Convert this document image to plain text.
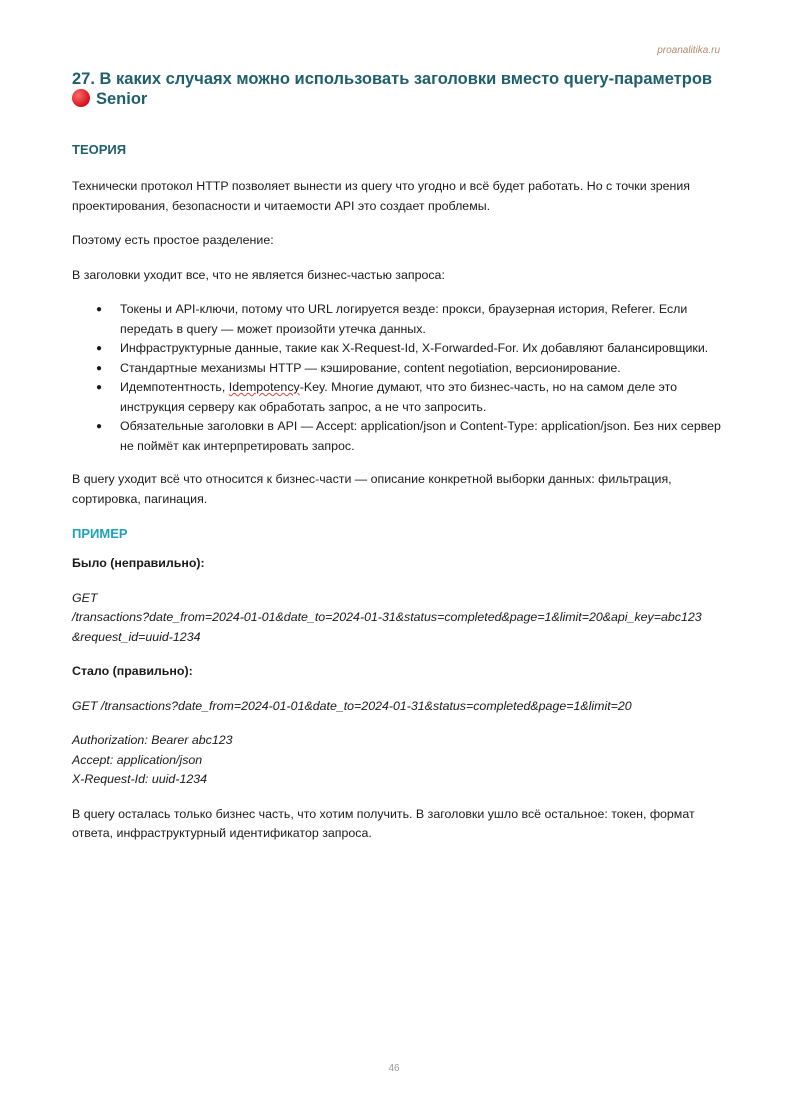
proanalitika.ru
27. В каких случаях можно использовать заголовки вместо query-параметров
Senior
ТЕОРИЯ

Технически протокол HTTP позволяет вынести из query что угодно и всё будет работать. Но с точки зрения проектирования, безопасности и читаемости API это создает проблемы.

Поэтому есть простое разделение:

В заголовки уходит все, что не является бизнес-частью запроса:

● Токены и API-ключи, потому что URL логируется везде: прокси, браузерная история, Referer. Если передать в query — может произойти утечка данных.
● Инфраструктурные данные, такие как X-Request-Id, X-Forwarded-For. Их добавляют балансировщики.
● Стандартные механизмы HTTP — кэширование, content negotiation, версионирование.
● Идемпотентность, Idempotency-Key. Многие думают, что это бизнес-часть, но на самом деле это инструкция серверу как обработать запрос, а не что запросить.
● Обязательные заголовки в API — Accept: application/json и Content-Type: application/json. Без них сервер не поймёт как интерпретировать запрос.

В query уходит всё что относится к бизнес-части — описание конкретной выборки данных: фильтрация, сортировка, пагинация.

ПРИМЕР

Было (неправильно):

GET
/transactions?date_from=2024-01-01&date_to=2024-01-31&status=completed&page=1&limit=20&api_key=abc123
&request_id=uuid-1234

Стало (правильно):

GET /transactions?date_from=2024-01-01&date_to=2024-01-31&status=completed&page=1&limit=20

Authorization: Bearer abc123
Accept: application/json
X-Request-Id: uuid-1234

В query осталась только бизнес часть, что хотим получить. В заголовки ушло всё остальное: токен, формат ответа, инфраструктурный идентификатор запроса.

46
